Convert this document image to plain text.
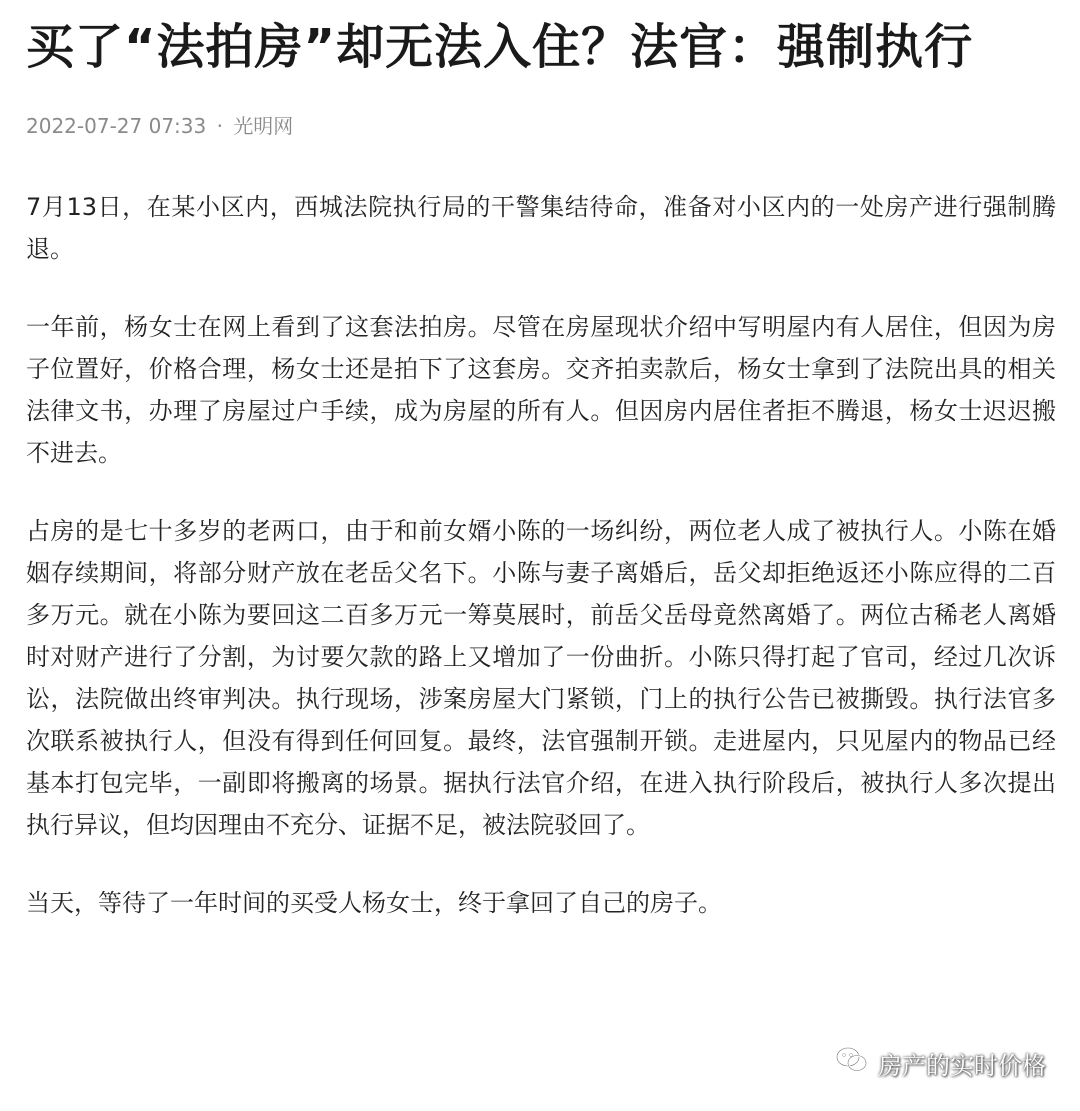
买了“法拍房”却无法入住？法官：强制执行
2022-07-27 07:33 · 光明网

7月13日，在某小区内，西城法院执行局的干警集结待命，准备对小区内的一处房产进行强制腾退。

一年前，杨女士在网上看到了这套法拍房。尽管在房屋现状介绍中写明屋内有人居住，但因为房子位置好，价格合理，杨女士还是拍下了这套房。交齐拍卖款后，杨女士拿到了法院出具的相关法律文书，办理了房屋过户手续，成为房屋的所有人。但因房内居住者拒不腾退，杨女士迟迟搬不进去。

占房的是七十多岁的老两口，由于和前女婿小陈的一场纠纷，两位老人成了被执行人。小陈在婚姻存续期间，将部分财产放在老岳父名下。小陈与妻子离婚后，岳父却拒绝返还小陈应得的二百多万元。就在小陈为要回这二百多万元一筹莫展时，前岳父岳母竟然离婚了。两位古稀老人离婚时对财产进行了分割，为讨要欠款的路上又增加了一份曲折。小陈只得打起了官司，经过几次诉讼，法院做出终审判决。执行现场，涉案房屋大门紧锁，门上的执行公告已被撕毁。执行法官多次联系被执行人，但没有得到任何回复。最终，法官强制开锁。走进屋内，只见屋内的物品已经基本打包完毕，一副即将搬离的场景。据执行法官介绍，在进入执行阶段后，被执行人多次提出执行异议，但均因理由不充分、证据不足，被法院驳回了。

当天，等待了一年时间的买受人杨女士，终于拿回了自己的房子。

房产的实时价格
